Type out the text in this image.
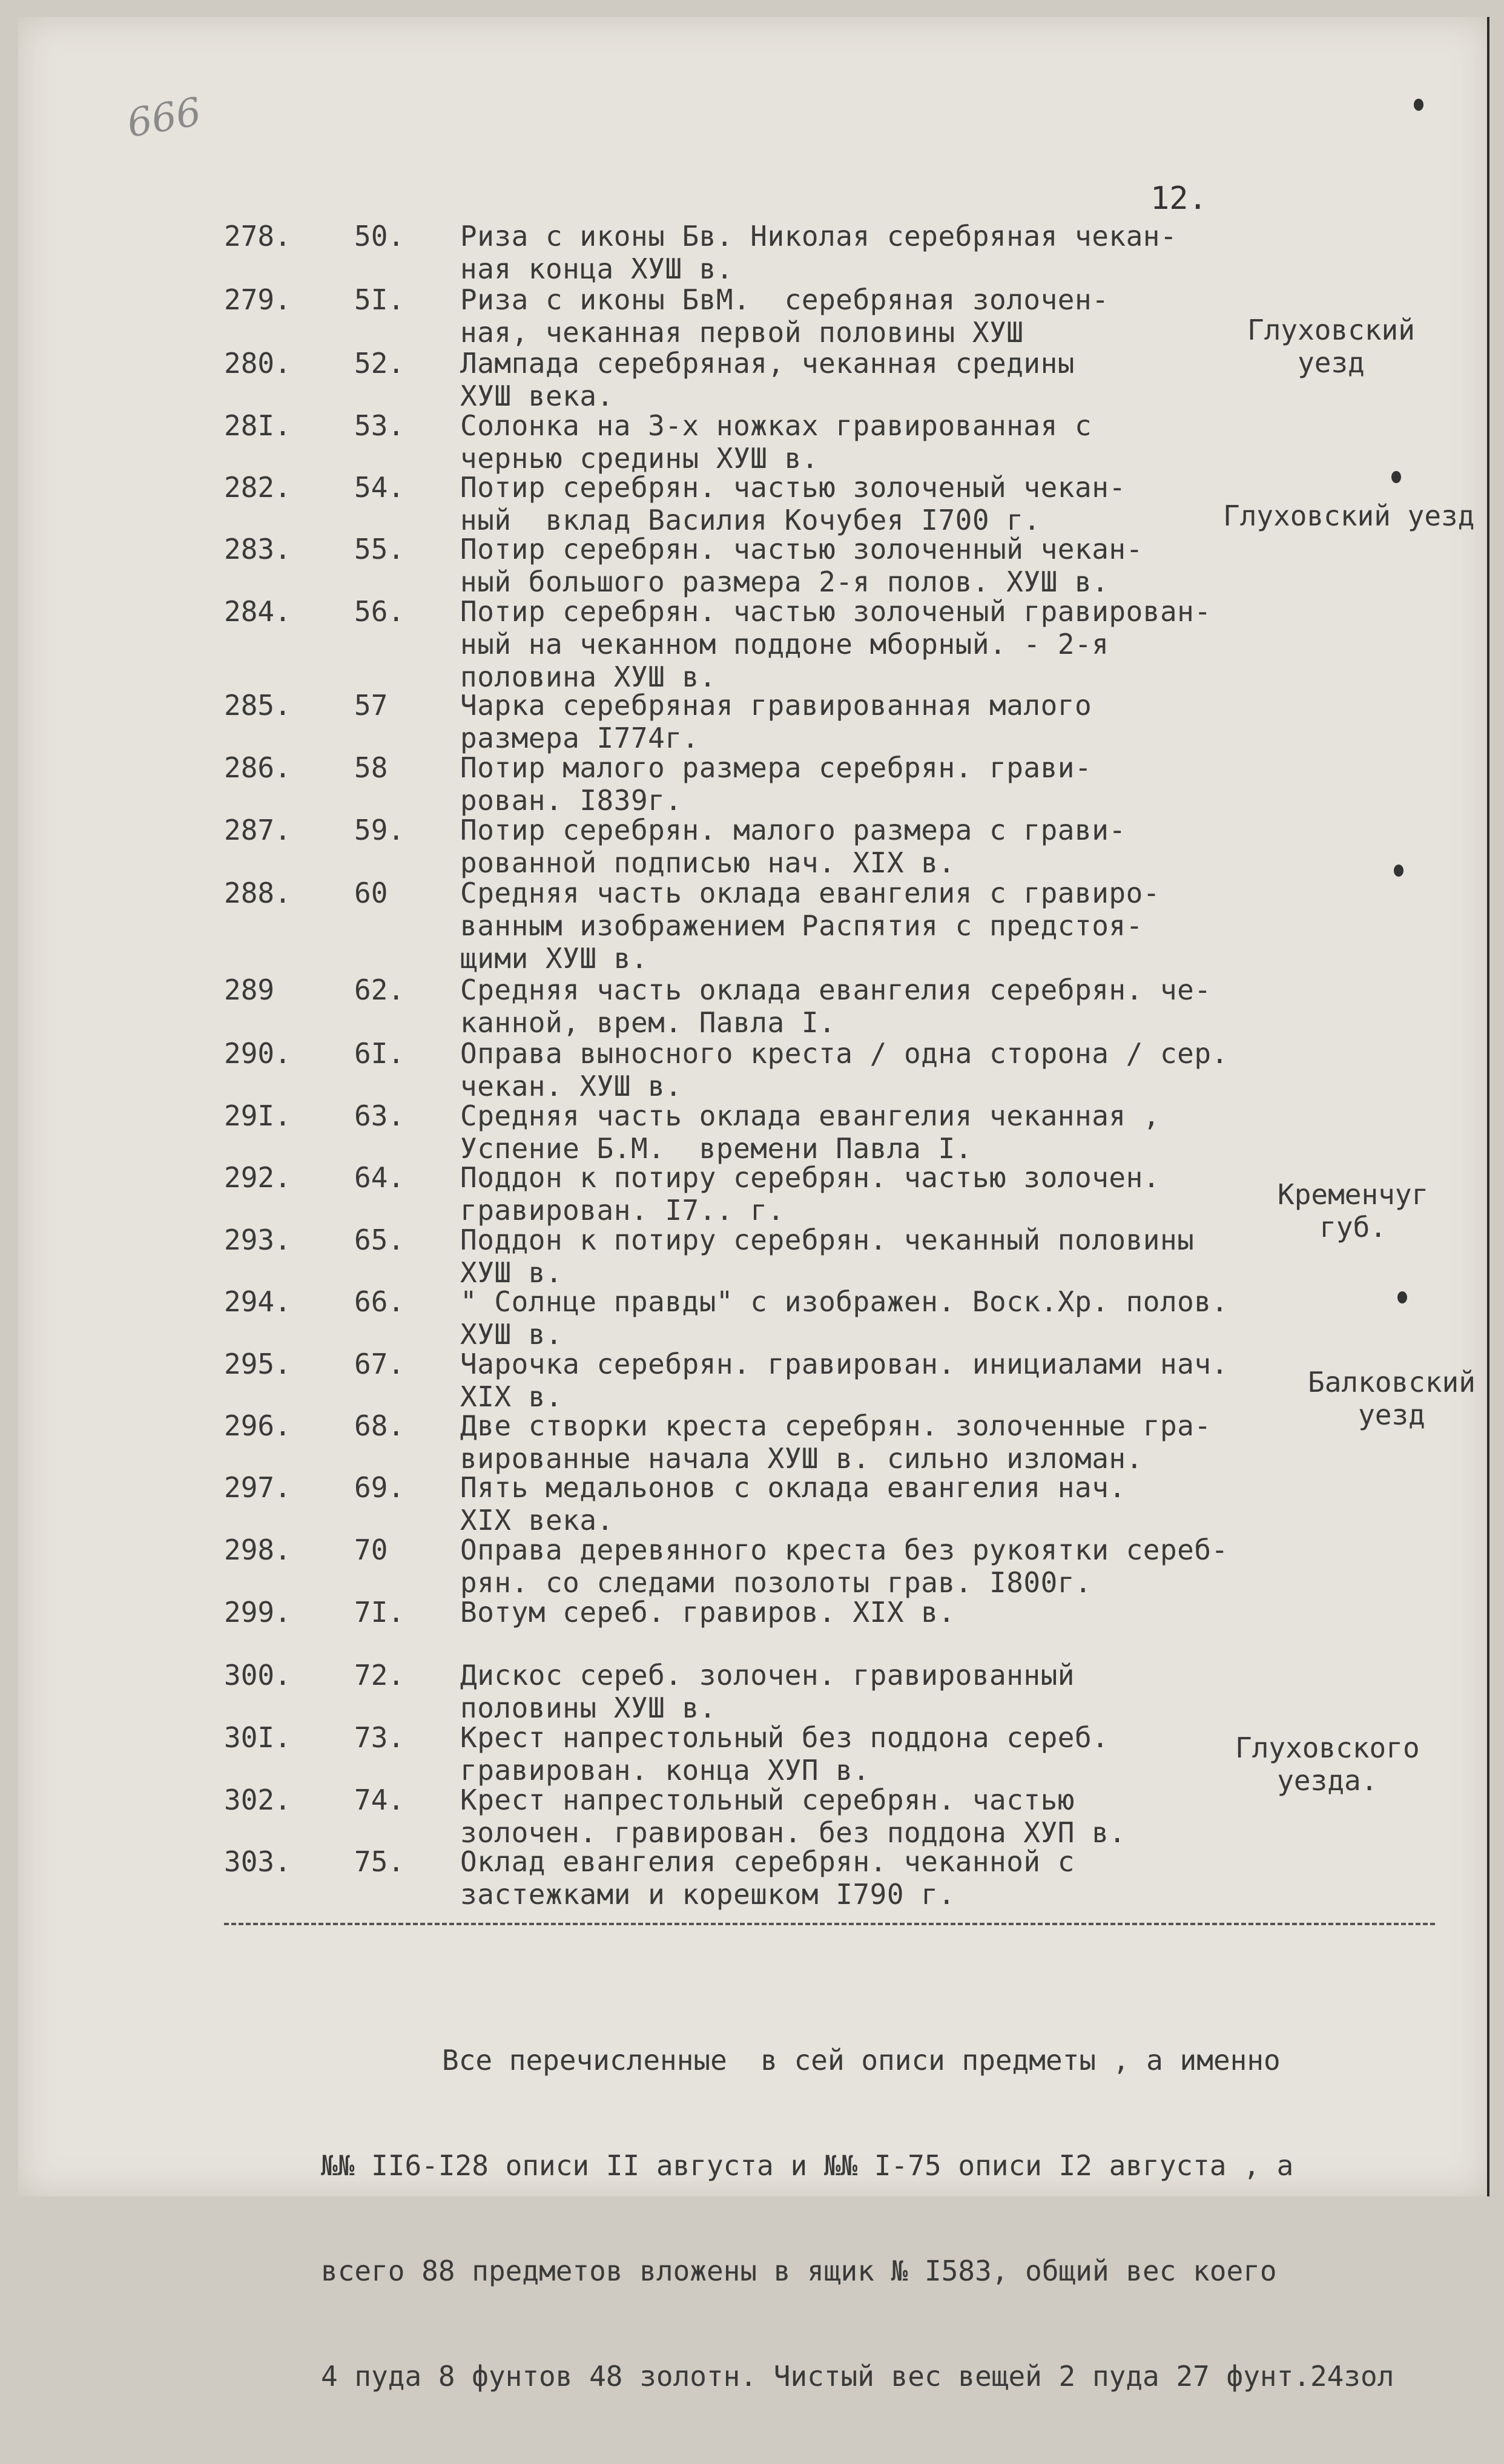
666
12.
278. 50. Риза с иконы Бв. Николая серебряная чекан-
ная конца ХУШ в.
279. 5I. Риза с иконы БвМ.  серебряная золочен-
ная, чеканная первой половины ХУШ
280. 52. Лампада серебряная, чеканная средины
ХУШ века.
28I. 53. Солонка на 3-х ножках гравированная с
чернью средины ХУШ в.
282. 54. Потир серебрян. частью золоченый чекан-
ный  вклад Василия Кочубея I700 г.
283. 55. Потир серебрян. частью золоченный чекан-
ный большого размера 2-я полов. ХУШ в.
284. 56. Потир серебрян. частью золоченый гравирован-
ный на чеканном поддоне мборный. - 2-я
половина ХУШ в.
285. 57	Чарка серебряная гравированная малого
размера I774г.
286. 58	Потир малого размера серебрян. грави-
рован. I839г.
287. 59. Потир серебрян. малого размера с грави-
рованной подписью нач. XIX в.
288. 60	Средняя часть оклада евангелия с гравиро-
ванным изображением Распятия с предстоя-
щими ХУШ в.
289	62. Средняя часть оклада евангелия серебрян. че-
канной, врем. Павла I.
290. 6I. Оправа выносного креста / одна сторона / сер.
чекан. ХУШ в.
29I. 63. Средняя часть оклада евангелия чеканная ,
Успение Б.М.  времени Павла I.
292. 64. Поддон к потиру серебрян. частью золочен.
гравирован. I7.. г.
293. 65. Поддон к потиру серебрян. чеканный половины
ХУШ в.
294. 66. " Солнце правды" с изображен. Воск.Хр. полов.
ХУШ в.
295. 67. Чарочка серебрян. гравирован. инициалами нач.
XIX в.
296. 68. Две створки креста серебрян. золоченные гра-
вированные начала ХУШ в. сильно изломан.
297. 69. Пять медальонов с оклада евангелия нач.
XIX века.
298. 70	Оправа деревянного креста без рукоятки сереб-
рян. со следами позолоты грав. I800г.
299. 7I. Вотум сереб. гравиров. XIX в.
300. 72. Дискос сереб. золочен. гравированный
половины ХУШ в.
30I. 73. Крест напрестольный без поддона сереб.
гравирован. конца ХУП в.
302. 74. Крест напрестольный серебрян. частью
золочен. гравирован. без поддона ХУП в.
303. 75. Оклад евангелия серебрян. чеканной с
застежками и корешком I790 г.
Глуховский
уезд
Глуховский уезд
Кременчуг
губ.
Балковский
уезд
Глуховского
уезда.

Все перечисленные  в сей описи предметы , а именно

№№ II6-I28 описи II августа и №№ I-75 описи I2 августа , а

всего 88 предметов вложены в ящик № I583, общий вес коего

4 пуда 8 фунтов 48 золотн. Чистый вес вещей 2 пуда 27 фунт.24зол
